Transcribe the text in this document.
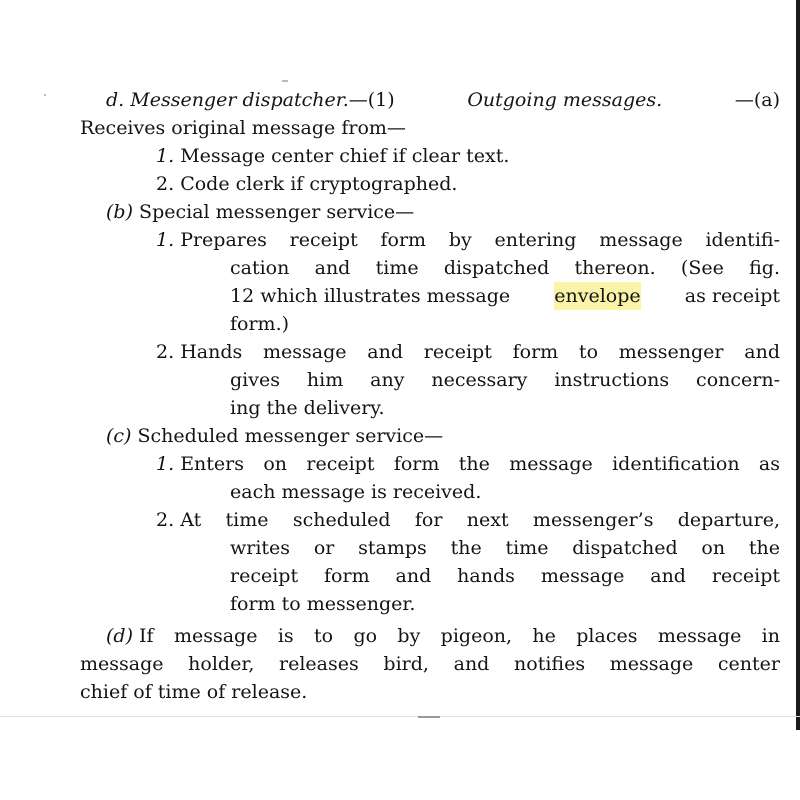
d. Messenger dispatcher.—(1)	Outgoing messages.	—(a)
Receives original message from—
1. Message center chief if clear text.
2. Code clerk if cryptographed.
(b) Special messenger service—
1.
Prepares receipt form by entering message identifi-
cation and time dispatched thereon. (See fig.
12 which illustrates message envelope as receipt
form.)
2.
Hands message and receipt form to messenger and
gives him any necessary instructions concern-
ing the delivery.
(c) Scheduled messenger service—
1.
Enters on receipt form the message identification as
each message is received.
2.
At time scheduled for next messenger’s departure,
writes or stamps the time dispatched on the
receipt form and hands message and receipt
form to messenger.
(d)
If message is to go by pigeon, he places message in
message holder, releases bird, and notifies message center
chief of time of release.
